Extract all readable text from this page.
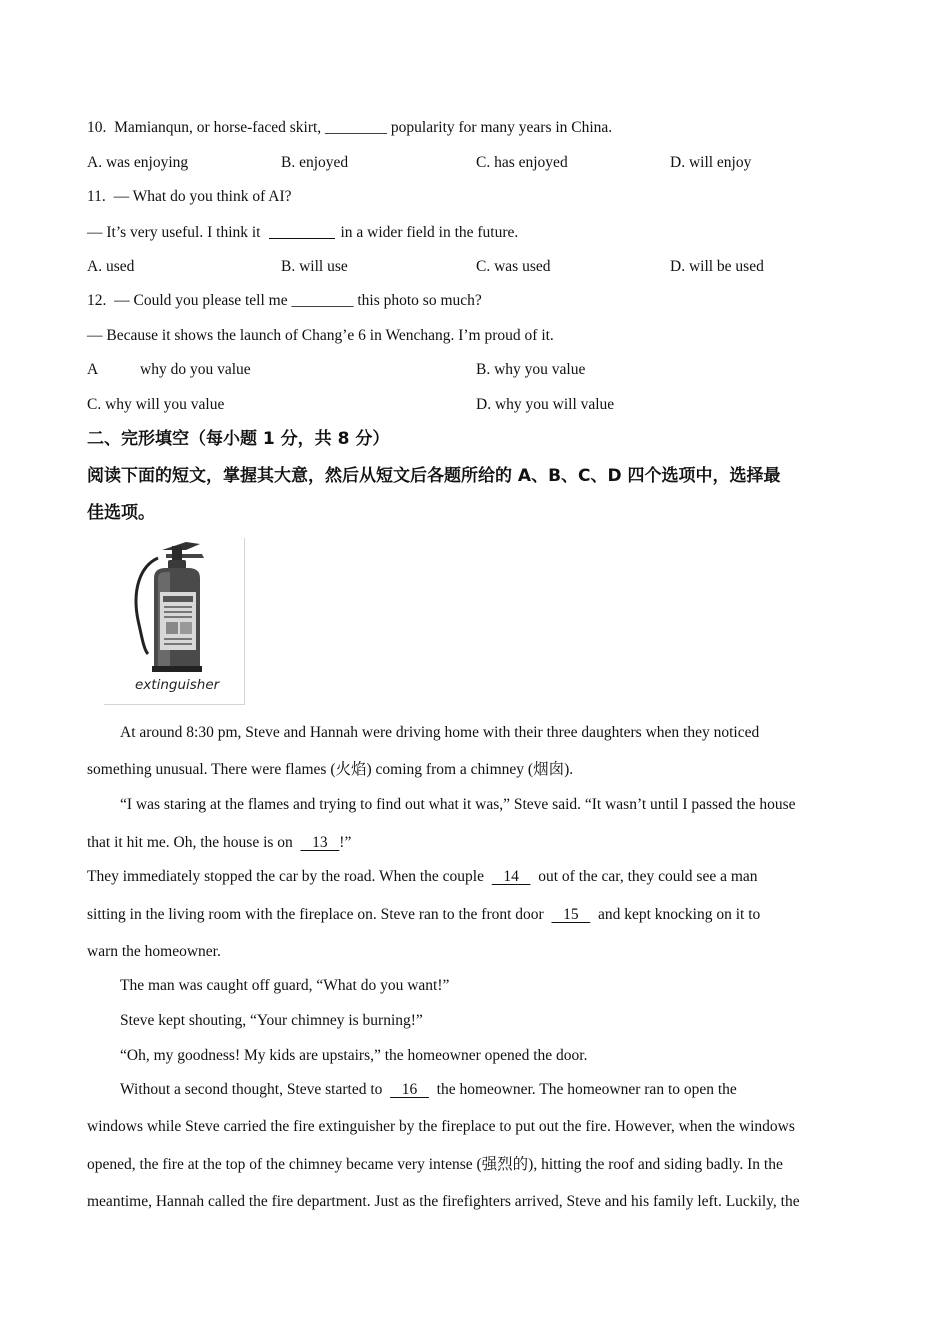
10. Mamianqun, or horse-faced skirt, ________ popularity for many years in China.
A. was enjoying	B. enjoyed	C. has enjoyed	D. will enjoy
11. — What do you think of AI?
— It’s very useful. I think it	in a wider field in the future.
A. used	B. will use	C. was used	D. will be used
12. — Could you please tell me ________ this photo so much?
— Because it shows the launch of Chang’e 6 in Wenchang. I’m proud of it.
A	why do you value	B. why you value
C. why will you value	D. why you will value
二、完形填空（每小题 1 分，共 8 分）
阅读下面的短文，掌握其大意，然后从短文后各题所给的 A、B、C、D 四个选项中，选择最
佳选项。
extinguisher
At around 8:30 pm, Steve and Hannah were driving home with their three daughters when they noticed
something unusual. There were flames (火焰) coming from a chimney (烟囱).
“I was staring at the flames and trying to find out what it was,” Steve said. “It wasn’t until I passed the house
that it hit me. Oh, the house is on     13   !”
They immediately stopped the car by the road. When the couple     14     out of the car, they could see a man
sitting in the living room with the fireplace on. Steve ran to the front door     15     and kept knocking on it to
warn the homeowner.
The man was caught off guard, “What do you want!”
Steve kept shouting, “Your chimney is burning!”
“Oh, my goodness! My kids are upstairs,” the homeowner opened the door.
Without a second thought, Steve started to     16     the homeowner. The homeowner ran to open the
windows while Steve carried the fire extinguisher by the fireplace to put out the fire. However, when the windows
opened, the fire at the top of the chimney became very intense (强烈的), hitting the roof and siding badly. In the
meantime, Hannah called the fire department. Just as the firefighters arrived, Steve and his family left. Luckily, the
